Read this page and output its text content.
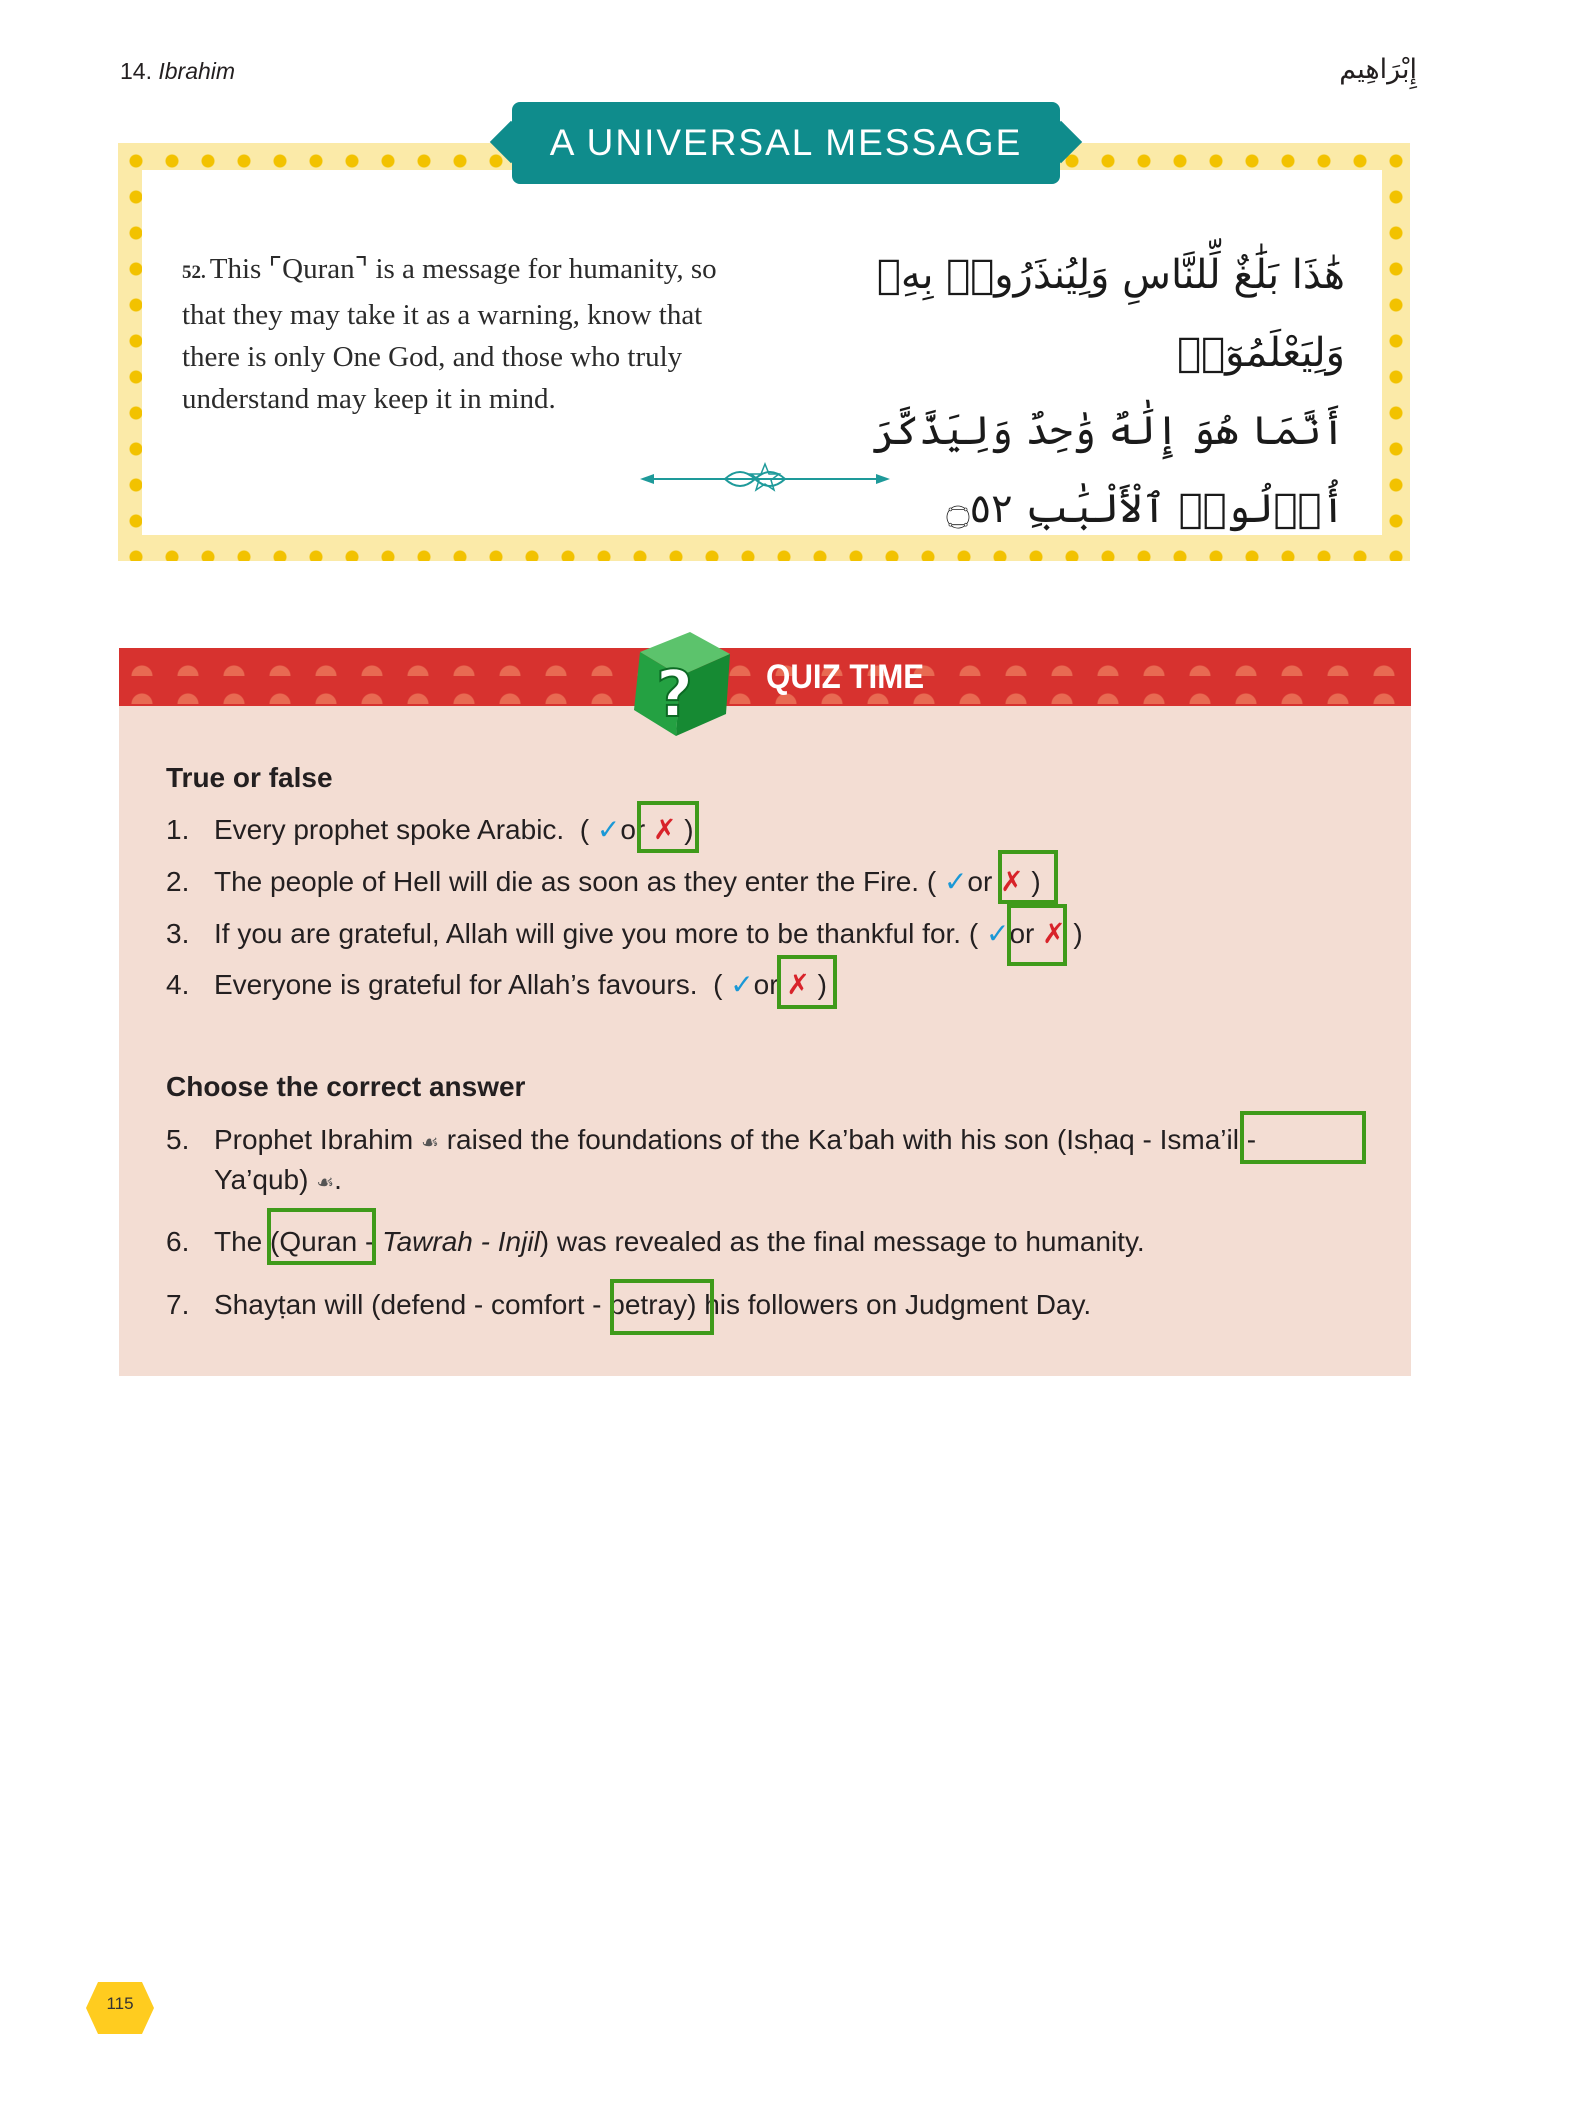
14. Ibrahim	إِبْرَاهِيم
A UNIVERSAL MESSAGE
52. This ⌜Quran⌝ is a message for humanity, so that they may take it as a warning, know that there is only One God, and those who truly understand may keep it in mind.
هَٰذَا بَلَٰغٌ لِّلنَّاسِ وَلِيُنذَرُوا۟ بِهِۦ وَلِيَعْلَمُوٓا۟
أَنَّمَا هُوَ إِلَٰهٌ وَٰحِدٌ وَلِيَذَّكَّرَ أُو۟لُوا۟ ٱلْأَلْبَٰبِ ۝٥٢
? QUIZ TIME
True or false
1. Every prophet spoke Arabic.  ( ✓or ✗ )
2. The people of Hell will die as soon as they enter the Fire. ( ✓or ✗ )
3. If you are grateful, Allah will give you more to be thankful for. ( ✓or ✗ )
4. Everyone is grateful for Allah’s favours.  ( ✓or ✗ )
Choose the correct answer
5. Prophet Ibrahim ☙ raised the foundations of the Ka’bah with his son (Isḥaq - Isma’il -
Ya’qub) ☙.
6. The (Quran - Tawrah - Injil) was revealed as the final message to humanity.
7. Shayṭan will (defend - comfort - betray) his followers on Judgment Day.
115
